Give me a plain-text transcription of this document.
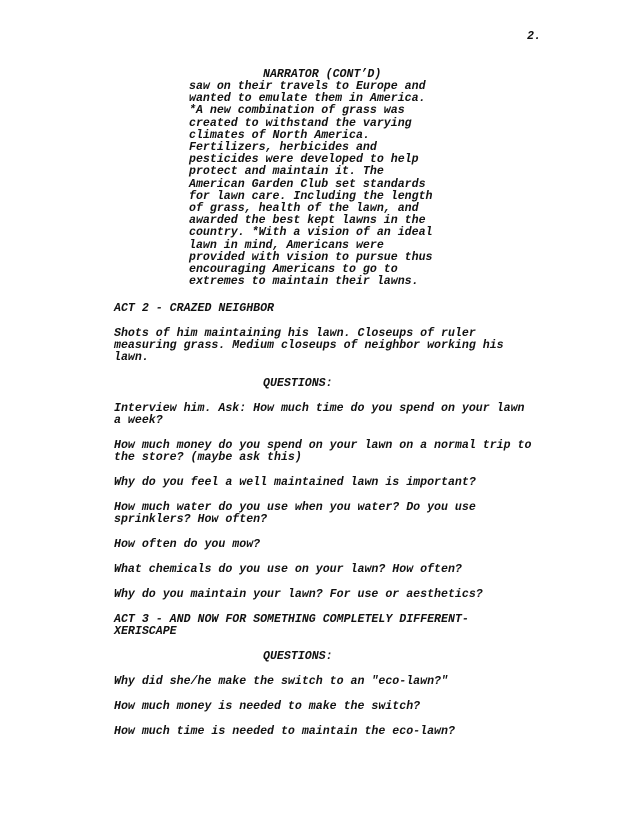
2.
NARRATOR (CONT’D)
saw on their travels to Europe and
wanted to emulate them in America.
*A new combination of grass was
created to withstand the varying
climates of North America.
Fertilizers, herbicides and
pesticides were developed to help
protect and maintain it. The
American Garden Club set standards
for lawn care. Including the length
of grass, health of the lawn, and
awarded the best kept lawns in the
country. *With a vision of an ideal
lawn in mind, Americans were
provided with vision to pursue thus
encouraging Americans to go to
extremes to maintain their lawns.
ACT 2 - CRAZED NEIGHBOR
Shots of him maintaining his lawn. Closeups of ruler
measuring grass. Medium closeups of neighbor working his
lawn.
QUESTIONS:
Interview him. Ask: How much time do you spend on your lawn
a week?
How much money do you spend on your lawn on a normal trip to
the store? (maybe ask this)
Why do you feel a well maintained lawn is important?
How much water do you use when you water? Do you use
sprinklers? How often?
How often do you mow?
What chemicals do you use on your lawn? How often?
Why do you maintain your lawn? For use or aesthetics?
ACT 3 - AND NOW FOR SOMETHING COMPLETELY DIFFERENT-
XERISCAPE
QUESTIONS:
Why did she/he make the switch to an "eco-lawn?"
How much money is needed to make the switch?
How much time is needed to maintain the eco-lawn?
